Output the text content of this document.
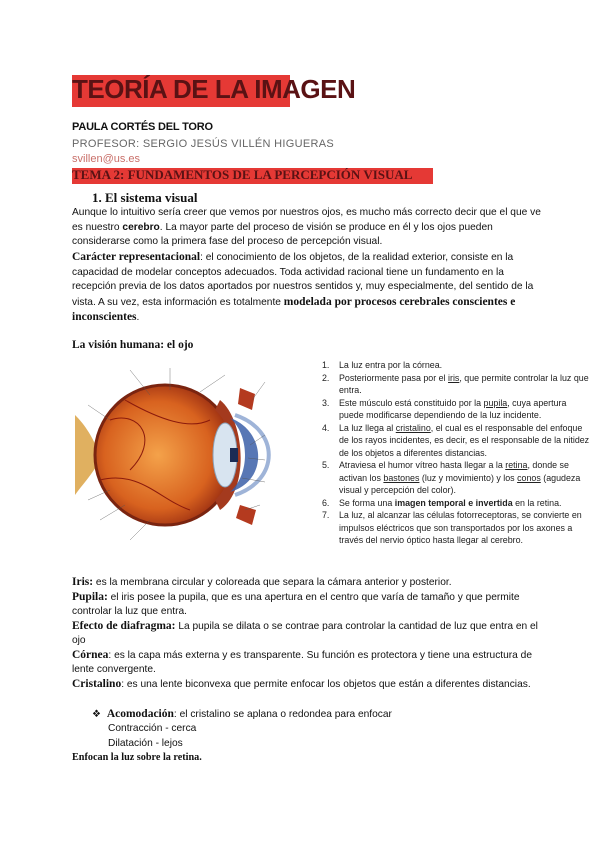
TEORÍA DE LA IMAGEN
PAULA CORTÉS DEL TORO
PROFESOR: SERGIO JESÚS VILLÉN HIGUERAS
svillen@us.es
TEMA 2: FUNDAMENTOS DE LA PERCEPCIÓN VISUAL
1. El sistema visual
Aunque lo intuitivo sería creer que vemos por nuestros ojos, es mucho más correcto decir que el que ve es nuestro cerebro. La mayor parte del proceso de visión se produce en él y los ojos pueden considerarse como la primera fase del proceso de percepción visual.
Carácter representacional: el conocimiento de los objetos, de la realidad exterior, consiste en la capacidad de modelar conceptos adecuados. Toda actividad racional tiene un fundamento en la recepción previa de los datos aportados por nuestros sentidos y, muy especialmente, del sentido de la vista. A su vez, esta información es totalmente modelada por procesos cerebrales conscientes e inconscientes.
La visión humana: el ojo
1. La luz entra por la córnea.
2. Posteriormente pasa por el iris, que permite controlar la luz que entra.
3. Este músculo está constituido por la pupila, cuya apertura puede modificarse dependiendo de la luz incidente.
4. La luz llega al cristalino, el cual es el responsable del enfoque de los rayos incidentes, es decir, es el responsable de la nitidez de los objetos a diferentes distancias.
5. Atraviesa el humor vítreo hasta llegar a la retina, donde se activan los bastones (luz y movimiento) y los conos (agudeza visual y percepción del color).
6. Se forma una imagen temporal e invertida en la retina.
7. La luz, al alcanzar las células fotorreceptoras, se convierte en impulsos eléctricos que son transportados por los axones a través del nervio óptico hasta llegar al cerebro.
Iris: es la membrana circular y coloreada que separa la cámara anterior y posterior.
Pupila: el iris posee la pupila, que es una apertura en el centro que varía de tamaño y que permite controlar la luz que entra.
Efecto de diafragma: La pupila se dilata o se contrae para controlar la cantidad de luz que entra en el ojo
Córnea: es la capa más externa y es transparente. Su función es protectora y tiene una estructura de lente convergente.
Cristalino: es una lente biconvexa que permite enfocar los objetos que están a diferentes distancias.
❖ Acomodación: el cristalino se aplana o redondea para enfocar
Contracción - cerca
Dilatación - lejos
Enfocan la luz sobre la retina.
